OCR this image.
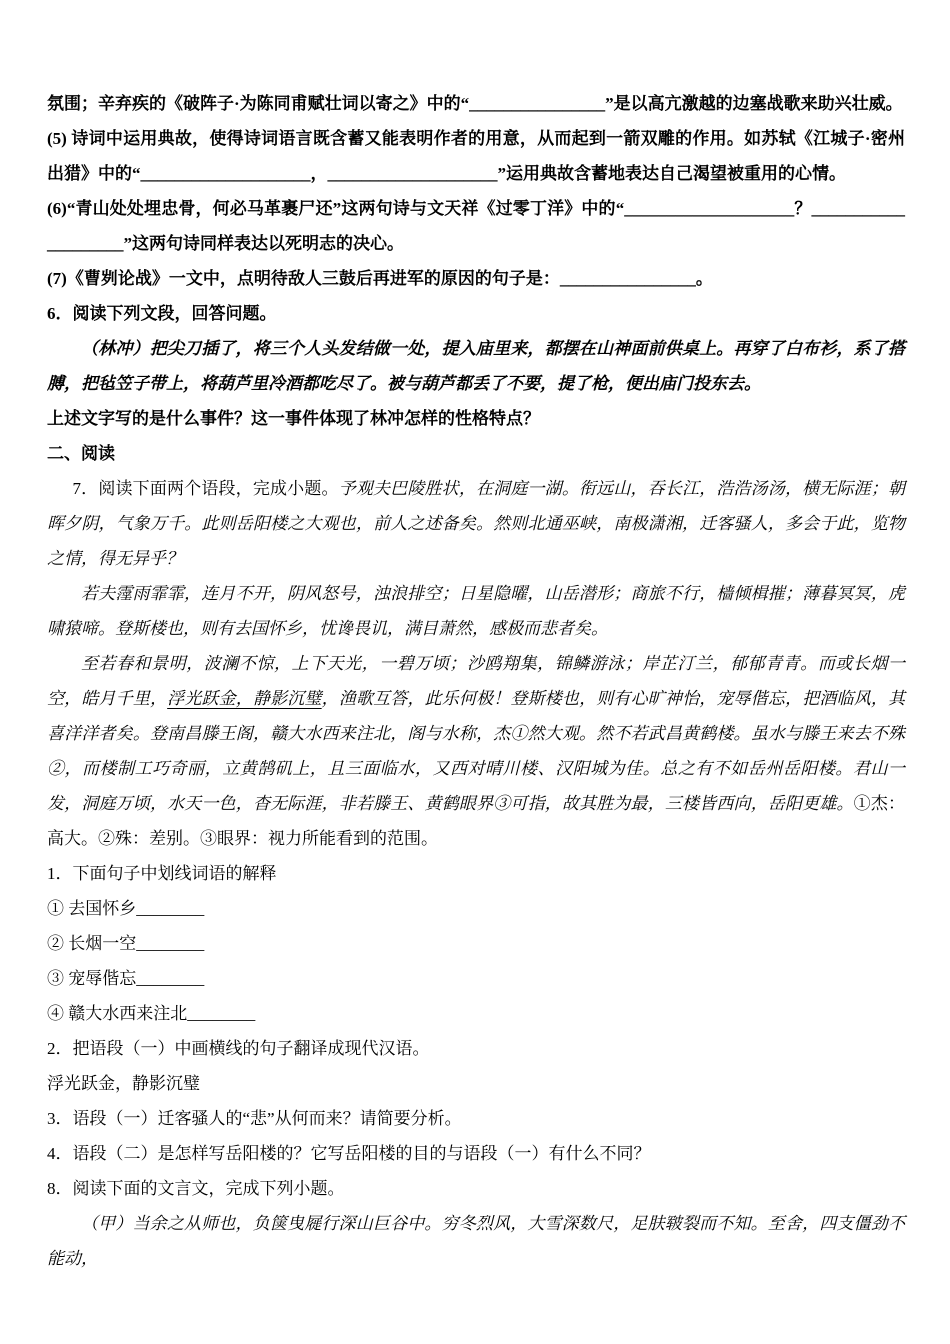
氛围；辛弃疾的《破阵子·为陈同甫赋壮词以寄之》中的“________________”是以高亢激越的边塞战歌来助兴壮威。

(5) 诗词中运用典故，使得诗词语言既含蓄又能表明作者的用意，从而起到一箭双雕的作用。如苏轼《江城子·密州出猎》中的“____________________，____________________”运用典故含蓄地表达自己渴望被重用的心情。

(6)“青山处处埋忠骨，何必马革裹尸还”这两句诗与文天祥《过零丁洋》中的“____________________？____________________”这两句诗同样表达以死明志的决心。

(7)《曹刿论战》一文中，点明待敌人三鼓后再进军的原因的句子是：________________。

6．阅读下列文段，回答问题。

（林冲）把尖刀插了，将三个人头发结做一处，提入庙里来，都摆在山神面前供桌上。再穿了白布衫，系了搭膊，把毡笠子带上，将葫芦里冷酒都吃尽了。被与葫芦都丢了不要，提了枪，便出庙门投东去。

上述文字写的是什么事件？这一事件体现了林冲怎样的性格特点？

二、阅读

7．阅读下面两个语段，完成小题。予观夫巴陵胜状，在洞庭一湖。衔远山，吞长江，浩浩汤汤，横无际涯；朝晖夕阴，气象万千。此则岳阳楼之大观也，前人之述备矣。然则北通巫峡，南极潇湘，迁客骚人，多会于此，览物之情，得无异乎？

若夫霪雨霏霏，连月不开，阴风怒号，浊浪排空；日星隐曜，山岳潜形；商旅不行，樯倾楫摧；薄暮冥冥，虎啸猿啼。登斯楼也，则有去国怀乡，忧谗畏讥，满目萧然，感极而悲者矣。

至若春和景明，波澜不惊，上下天光，一碧万顷；沙鸥翔集，锦鳞游泳；岸芷汀兰，郁郁青青。而或长烟一空，皓月千里，浮光跃金，静影沉璧，渔歌互答，此乐何极！登斯楼也，则有心旷神怡，宠辱偕忘，把酒临风，其喜洋洋者矣。登南昌滕王阁，赣大水西来注北，阁与水称，杰①然大观。然不若武昌黄鹤楼。虽水与滕王来去不殊②，而楼制工巧奇丽，立黄鹄矶上，且三面临水，又西对晴川楼、汉阳城为佳。总之有不如岳州岳阳楼。君山一发，洞庭万顷，水天一色，杳无际涯，非若滕王、黄鹤眼界③可指，故其胜为最，三楼皆西向，岳阳更雄。①杰：高大。②殊：差别。③眼界：视力所能看到的范围。

1．下面句子中划线词语的解释

① 去国怀乡________

② 长烟一空________

③ 宠辱偕忘________

④ 赣大水西来注北________

2．把语段（一）中画横线的句子翻译成现代汉语。

浮光跃金，静影沉璧

3．语段（一）迁客骚人的“悲”从何而来？请简要分析。

4．语段（二）是怎样写岳阳楼的？它写岳阳楼的目的与语段（一）有什么不同？

8．阅读下面的文言文，完成下列小题。

（甲）当余之从师也，负箧曳屣行深山巨谷中。穷冬烈风，大雪深数尺，足肤皲裂而不知。至舍，四支僵劲不能动，
